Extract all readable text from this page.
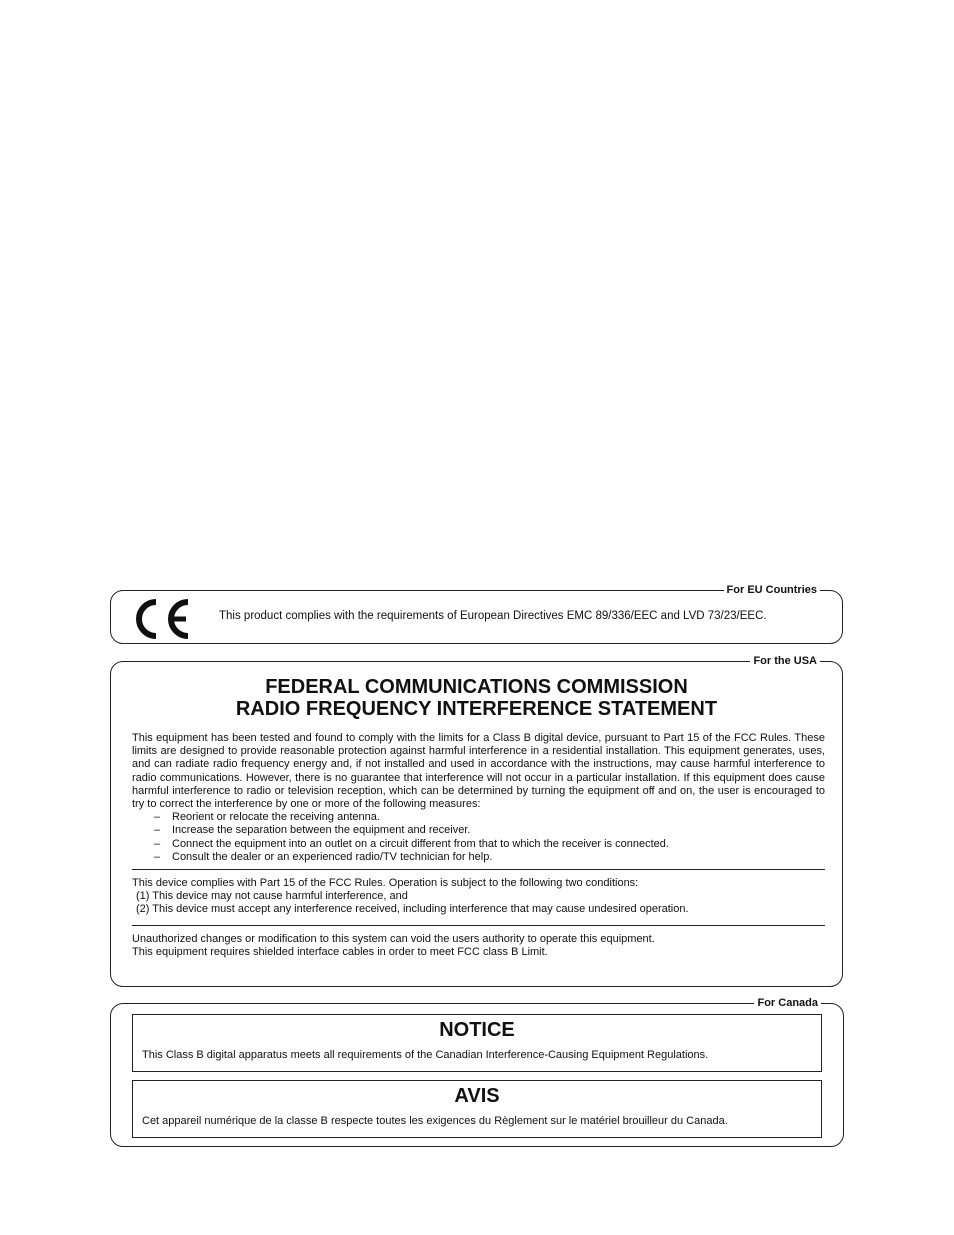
For EU Countries

This product complies with the requirements of European Directives EMC 89/336/EEC and LVD 73/23/EEC.

For the USA
FEDERAL COMMUNICATIONS COMMISSION
RADIO FREQUENCY INTERFERENCE STATEMENT

This equipment has been tested and found to comply with the limits for a Class B digital device, pursuant to Part 15 of the FCC Rules. These limits are designed to provide reasonable protection against harmful interference in a residential installation. This equipment generates, uses, and can radiate radio frequency energy and, if not installed and used in accordance with the instructions, may cause harmful interference to radio communications. However, there is no guarantee that interference will not occur in a particular installation. If this equipment does cause harmful interference to radio or television reception, which can be determined by turning the equipment off and on, the user is encouraged to try to correct the interference by one or more of the following measures:

– Reorient or relocate the receiving antenna.
– Increase the separation between the equipment and receiver.
– Connect the equipment into an outlet on a circuit different from that to which the receiver is connected.
– Consult the dealer or an experienced radio/TV technician for help.

This device complies with Part 15 of the FCC Rules. Operation is subject to the following two conditions:

(1) This device may not cause harmful interference, and

(2) This device must accept any interference received, including interference that may cause undesired operation.

Unauthorized changes or modification to this system can void the users authority to operate this equipment.

This equipment requires shielded interface cables in order to meet FCC class B Limit.

For Canada
NOTICE

This Class B digital apparatus meets all requirements of the Canadian Interference-Causing Equipment Regulations.

AVIS

Cet appareil numérique de la classe B respecte toutes les exigences du Règlement sur le matériel brouilleur du Canada.
